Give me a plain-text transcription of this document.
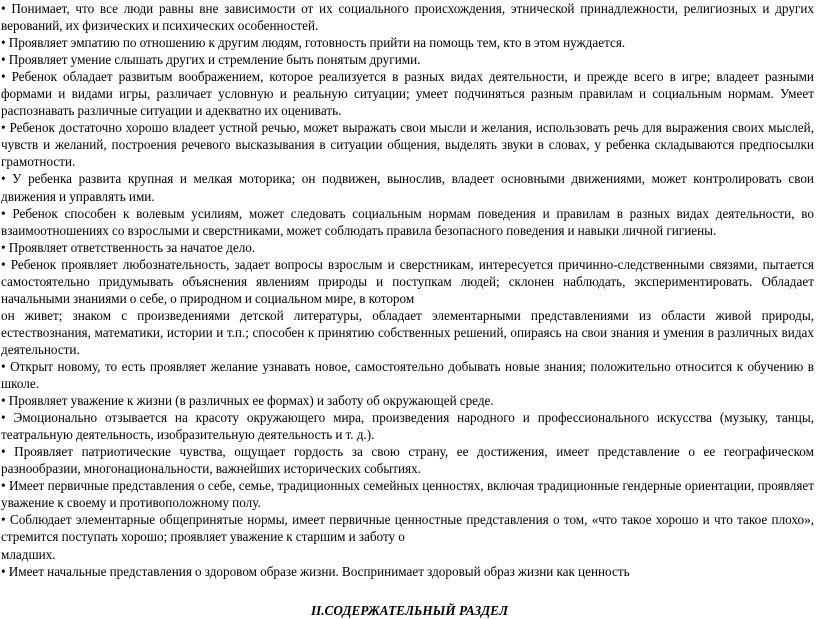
• Понимает, что все люди равны вне зависимости от их социального происхождения, этнической принадлежности, религиозных и других верований, их физических и психических особенностей.

• Проявляет эмпатию по отношению к другим людям, готовность прийти на помощь тем, кто в этом нуждается.

• Проявляет умение слышать других и стремление быть понятым другими.

• Ребенок обладает развитым воображением, которое реализуется в разных видах деятельности, и прежде всего в игре; владеет разными формами и видами игры, различает условную и реальную ситуации; умеет подчиняться разным правилам и социальным нормам. Умеет распознавать различные ситуации и адекватно их оценивать.

• Ребенок достаточно хорошо владеет устной речью, может выражать свои мысли и желания, использовать речь для выражения своих мыслей, чувств и желаний, построения речевого высказывания в ситуации общения, выделять звуки в словах, у ребенка складываются предпосылки грамотности.

• У ребенка развита крупная и мелкая моторика; он подвижен, вынослив, владеет основными движениями, может контролировать свои движения и управлять ими.

• Ребенок способен к волевым усилиям, может следовать социальным нормам поведения и правилам в разных видах деятельности, во взаимоотношениях со взрослыми и сверстниками, может соблюдать правила безопасного поведения и навыки личной гигиены.

• Проявляет ответственность за начатое дело.

• Ребенок проявляет любознательность, задает вопросы взрослым и сверстникам, интересуется причинно-следственными связями, пытается самостоятельно придумывать объяснения явлениям природы и поступкам людей; склонен наблюдать, экспериментировать. Обладает начальными знаниями о себе, о природном и социальном мире, в котором

он живет; знаком с произведениями детской литературы, обладает элементарными представлениями из области живой природы, естествознания, математики, истории и т.п.; способен к принятию собственных решений, опираясь на свои знания и умения в различных видах деятельности.

• Открыт новому, то есть проявляет желание узнавать новое, самостоятельно добывать новые знания; положительно относится к обучению в школе.

• Проявляет уважение к жизни (в различных ее формах) и заботу об окружающей среде.

• Эмоционально отзывается на красоту окружающего мира, произведения народного и профессионального искусства (музыку, танцы, театральную деятельность, изобразительную деятельность и т. д.).

• Проявляет патриотические чувства, ощущает гордость за свою страну, ее достижения, имеет представление о ее географическом разнообразии, многонациональности, важнейших исторических событиях.

• Имеет первичные представления о себе, семье, традиционных семейных ценностях, включая традиционные гендерные ориентации, проявляет уважение к своему и противоположному полу.

• Соблюдает элементарные общепринятые нормы, имеет первичные ценностные представления о том, «что такое хорошо и что такое плохо», стремится поступать хорошо; проявляет уважение к старшим и заботу о

младших.

• Имеет начальные представления о здоровом образе жизни. Воспринимает здоровый образ жизни как ценность

II.СОДЕРЖАТЕЛЬНЫЙ РАЗДЕЛ
